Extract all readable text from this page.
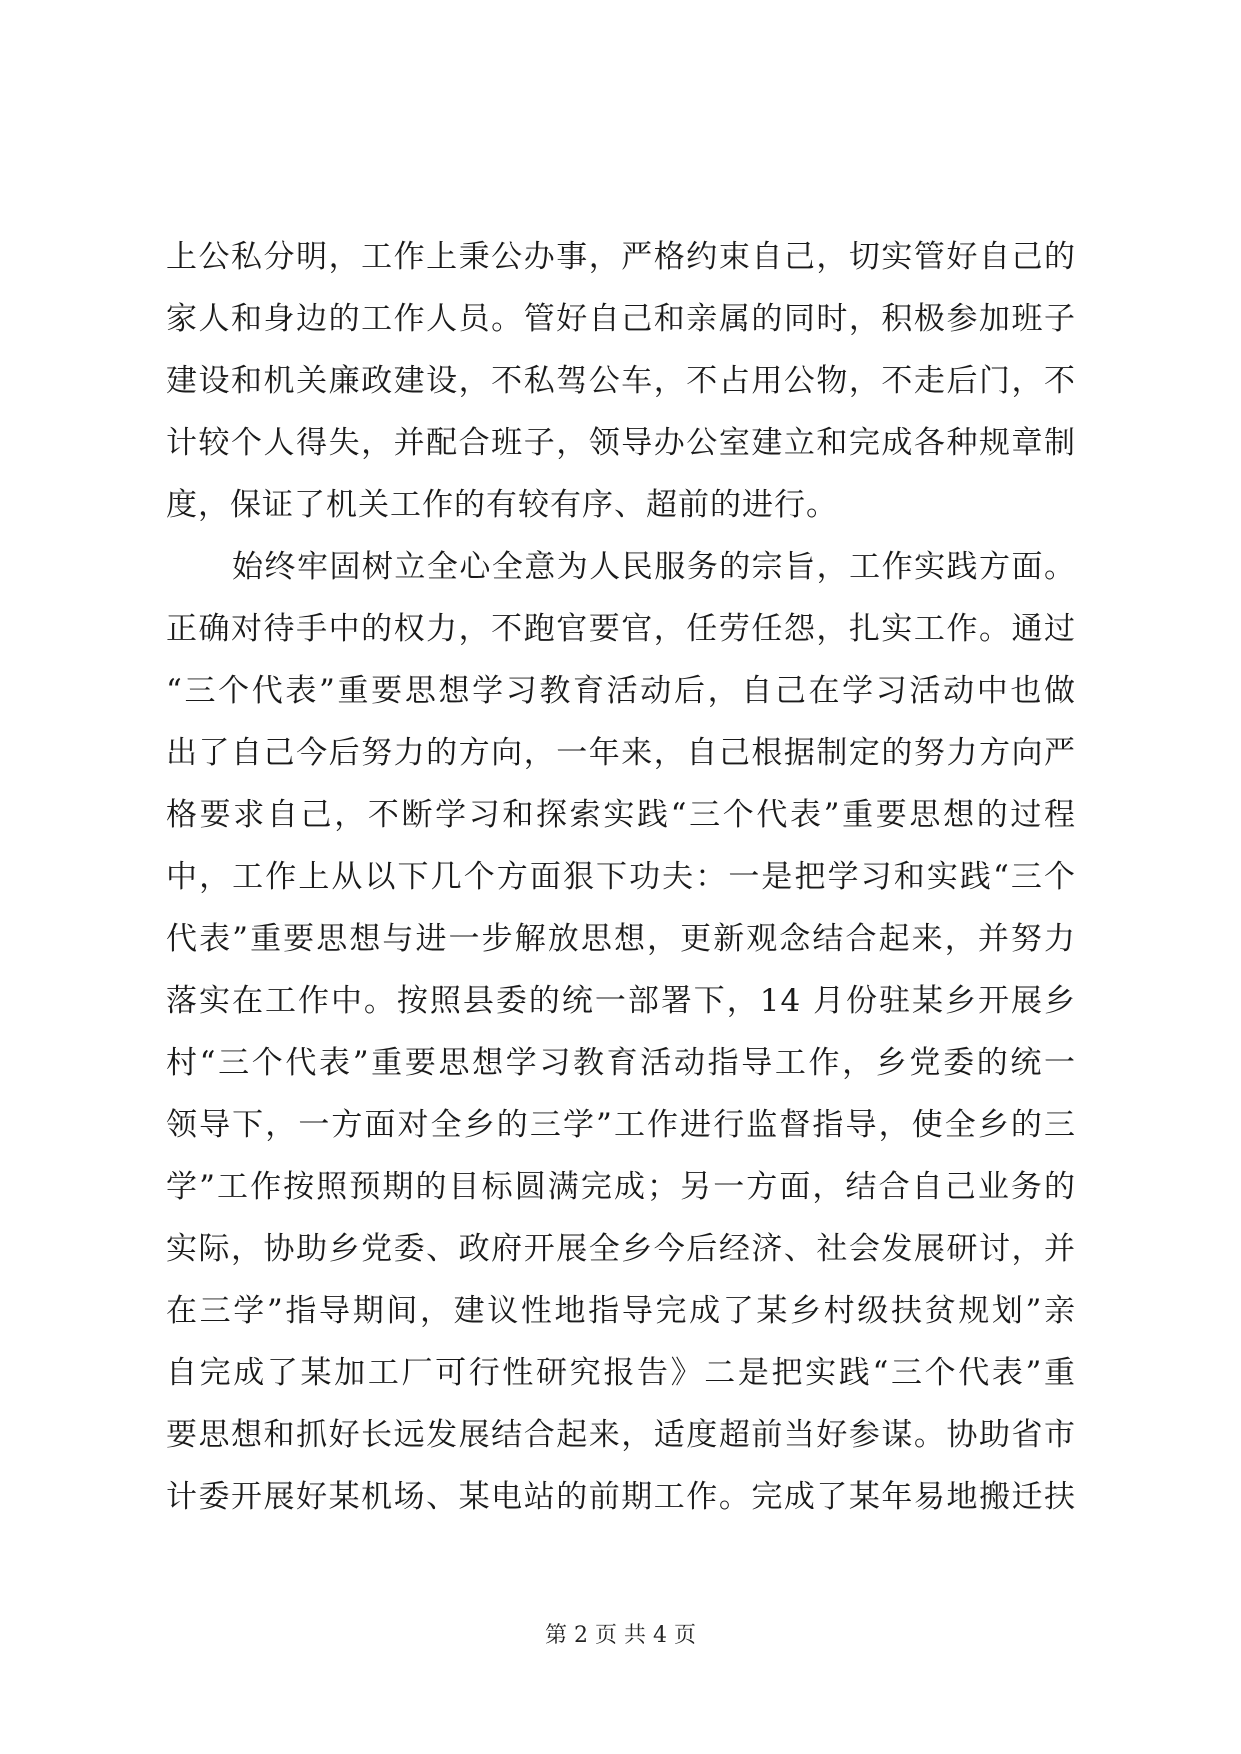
上公私分明，工作上秉公办事，严格约束自己，切实管好自己的
家人和身边的工作人员。管好自己和亲属的同时，积极参加班子
建设和机关廉政建设，不私驾公车，不占用公物，不走后门，不
计较个人得失，并配合班子，领导办公室建立和完成各种规章制
度，保证了机关工作的有较有序、超前的进行。
始终牢固树立全心全意为人民服务的宗旨，工作实践方面。
正确对待手中的权力，不跑官要官，任劳任怨，扎实工作。通过
“三个代表”重要思想学习教育活动后，自己在学习活动中也做
出了自己今后努力的方向，一年来，自己根据制定的努力方向严
格要求自己，不断学习和探索实践“三个代表”重要思想的过程
中，工作上从以下几个方面狠下功夫：一是把学习和实践“三个
代表”重要思想与进一步解放思想，更新观念结合起来，并努力
落实在工作中。按照县委的统一部署下，14 月份驻某乡开展乡
村“三个代表”重要思想学习教育活动指导工作，乡党委的统一
领导下，一方面对全乡的三学”工作进行监督指导，使全乡的三
学”工作按照预期的目标圆满完成；另一方面，结合自己业务的
实际，协助乡党委、政府开展全乡今后经济、社会发展研讨，并
在三学”指导期间，建议性地指导完成了某乡村级扶贫规划”亲
自完成了某加工厂可行性研究报告》二是把实践“三个代表”重
要思想和抓好长远发展结合起来，适度超前当好参谋。协助省市
计委开展好某机场、某电站的前期工作。完成了某年易地搬迁扶
第 2 页 共 4 页
